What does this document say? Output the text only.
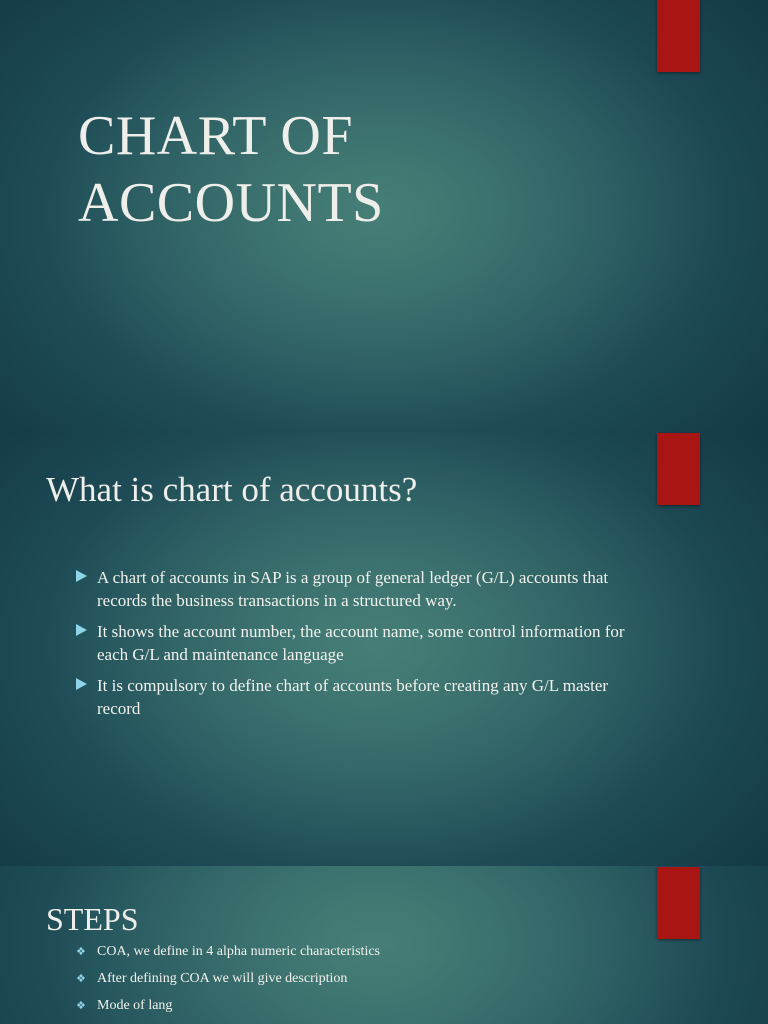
CHART OF
ACCOUNTS
What is chart of accounts?
A chart of accounts in SAP is a group of general ledger (G/L) accounts that records the business transactions in a structured way.
It shows the account number, the account name, some control information for each G/L and maintenance language
It is compulsory to define chart of accounts before creating any G/L master record
STEPS
❖ COA, we define in 4 alpha numeric characteristics
❖ After defining COA we will give description
❖ Mode of lang
